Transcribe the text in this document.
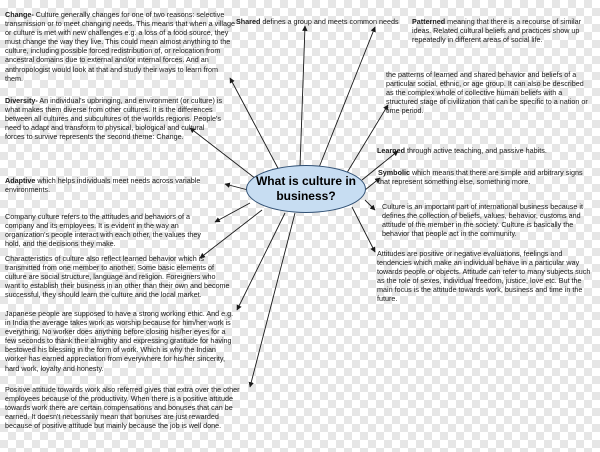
What is culture in business?

Change- Culture generally changes for one of two reasons: selective transmission or to meet changing needs. This means that when a village or culture is met with new challenges e.g. a loss of a food source, they must change the way they live. This could mean almost anything to the culture, including possible forced redistribution of, or relocation from ancestral domains due to external and/or internal forces. And an anthropologist would look at that and study their ways to learn from them.

Shared defines a group and meets common needs	Patterned meaning that there is a recourse of similar ideas. Related cultural beliefs and practices show up repeatedly in different areas of social life.

the patterns of learned and shared behavior and beliefs of a particular social, ethnic, or age group. It can also be described as the complex whole of collective human beliefs with a structured stage of civilization that can be specific to a nation or time period.

Diversity- An individual's upbringing, and environment (or culture) is what makes them diverse from other cultures. It is the differences between all cultures and subcultures of the worlds regions. People's need to adapt and transform to physical, biological and cultural forces to survive represents the second theme: Change.

Learned through active teaching, and passive habits.

Symbolic which means that there are simple and arbitrary signs that represent something else, something more.

Adaptive which helps individuals meet needs across variable environments.

Company culture refers to the attitudes and behaviors of a company and its employees. It is evident in the way an organization's people interact with each other, the values they hold, and the decisions they make.

Culture is an important part of international business because it defines the collection of beliefs, values, behavior, customs and attitude of the member in the society. Culture is basically the behavior that people act in the community.

Characteristics of culture also reflect learned behavior which is transmitted from one member to another. Some basic elements of culture are social structure, language and religion. Foreigners who want to establish their business in an other than their own and become successful, they should learn the culture and the local market.

Attitudes are positive or negative evaluations, feelings and tendencies which make an individual behave in a particular way towards people or objects. Attitude can refer to many subjects such as the role of sexes, individual freedom, justice, love etc. But the main focus is the attitude towards work, business and time in the future.

Japanese people are supposed to have a strong working ethic. And e.g. in India the average takes work as worship because for him/her work is everything. No worker does anything before closing his/her eyes for a few seconds to thank their almighty and expressing gratitude for having bestowed his blessing in the form of work. Which is why the Indian worker has earned appreciation from everywhere for his/her sincerity, hard work, loyalty and honesty.

Positive attitude towards work also referred gives that extra over the other employees because of the productivity. When there is a positive attitude towards work there are certain compensations and bonuses that can be earned. It doesn't necessarily mean that bonuses are just rewarded because of positive attitude but mainly because the job is well done.
